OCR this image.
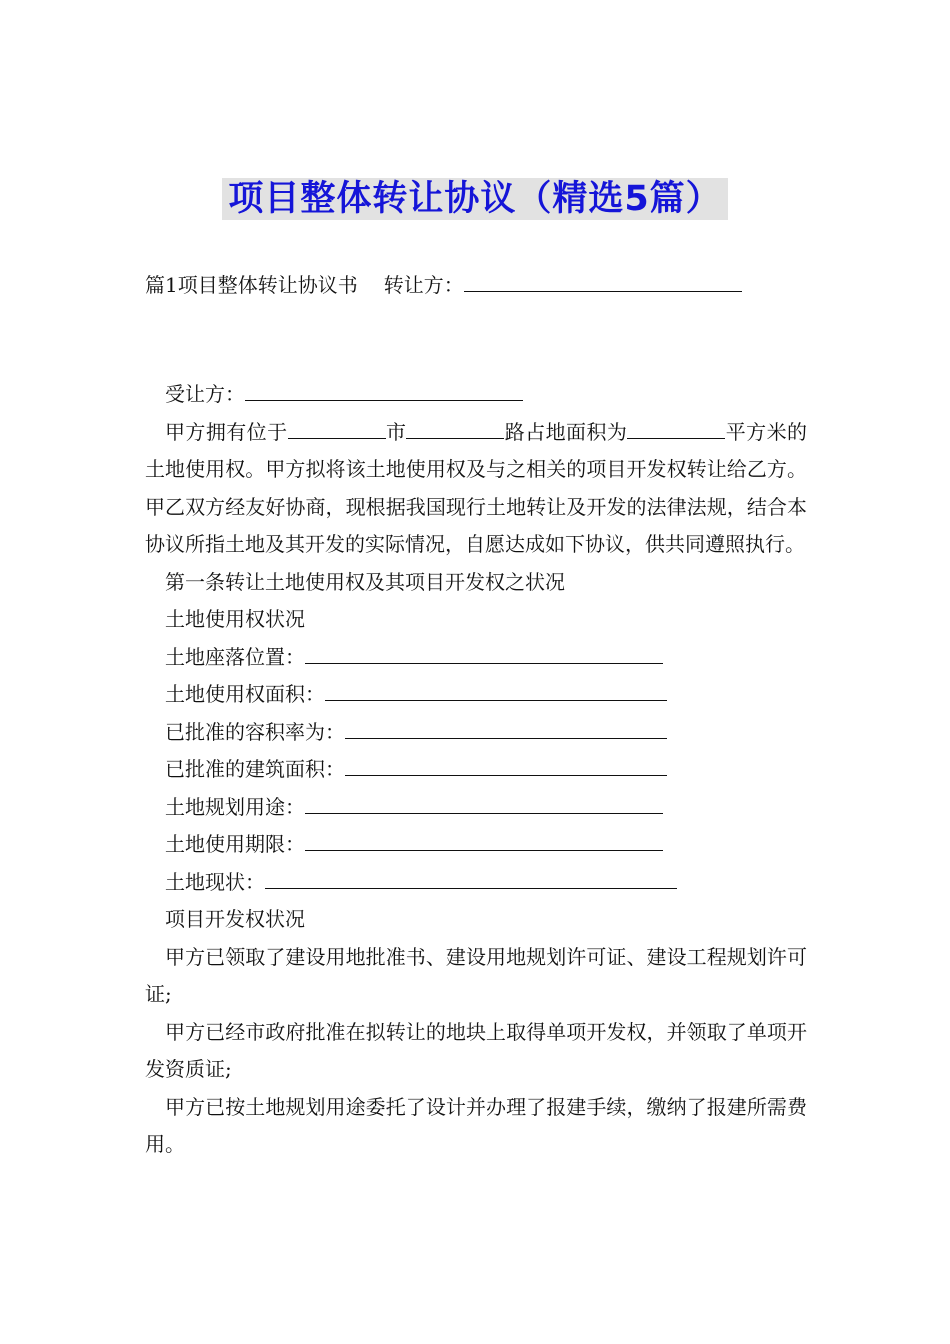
项目整体转让协议（精选5篇）
篇1项目整体转让协议书 转让方：
受让方：
甲方拥有位于	市	路占地面积为	平方米的土地使用权。甲方拟将该土地使用权及与之相关的项目开发权转让给乙方。甲乙双方经友好协商，现根据我国现行土地转让及开发的法律法规，结合本协议所指土地及其开发的实际情况，自愿达成如下协议，供共同遵照执行。
第一条转让土地使用权及其项目开发权之状况
土地使用权状况
土地座落位置：
土地使用权面积：
已批准的容积率为：
已批准的建筑面积：
土地规划用途：
土地使用期限：
土地现状：
项目开发权状况
甲方已领取了建设用地批准书、建设用地规划许可证、建设工程规划许可证;
甲方已经市政府批准在拟转让的地块上取得单项开发权，并领取了单项开发资质证;
甲方已按土地规划用途委托了设计并办理了报建手续，缴纳了报建所需费用。
